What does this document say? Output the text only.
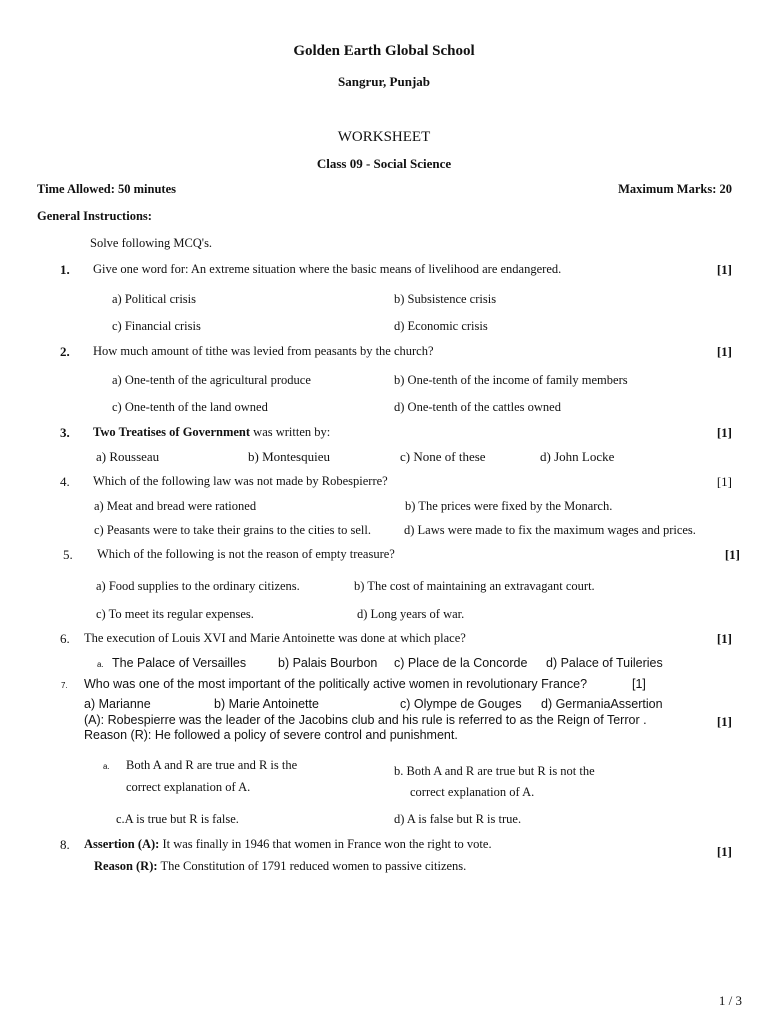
Golden Earth Global School
Sangrur, Punjab
WORKSHEET
Class 09 - Social Science
Time Allowed: 50 minutes	Maximum Marks: 20
General Instructions:
Solve following MCQ's.
1. Give one word for: An extreme situation where the basic means of livelihood are endangered.	[1]
a) Political crisis	b) Subsistence crisis
c) Financial crisis	d) Economic crisis
2. How much amount of tithe was levied from peasants by the church?	[1]
a) One-tenth of the agricultural produce	b) One-tenth of the income of family members
c) One-tenth of the land owned	d) One-tenth of the cattles owned
3. Two Treatises of Government was written by:	[1]
a) Rousseau	b) Montesquieu	c) None of these	d) John Locke
4. Which of the following law was not made by Robespierre?	[1]
a) Meat and bread were rationed	b) The prices were fixed by the Monarch.
c) Peasants were to take their grains to the cities to sell.	d) Laws were made to fix the maximum wages and prices.
5. Which of the following is not the reason of empty treasure?	[1]
a) Food supplies to the ordinary citizens.	b) The cost of maintaining an extravagant court.
c) To meet its regular expenses.	d) Long years of war.
6. The execution of Louis XVI and Marie Antoinette was done at which place?	[1]
a. The Palace of Versailles	b) Palais Bourbon c) Place de la Concorde d) Palace of Tuileries
7. Who was one of the most important of the politically active women in revolutionary France?	[1]
a) Marianne	b) Marie Antoinette	c) Olympe de Gouges d) GermaniaAssertion
(A): Robespierre was the leader of the Jacobins club and his rule is referred to as the Reign of Terror .	[1]
Reason (R): He followed a policy of severe control and punishment.
a. Both A and R are true and R is the
correct explanation of A.
b. Both A and R are true but R is not the
correct explanation of A.
c.A is true but R is false.	d) A is false but R is true.
8. Assertion (A): It was finally in 1946 that women in France won the right to vote.	[1]
Reason (R): The Constitution of 1791 reduced women to passive citizens.
1 / 3
